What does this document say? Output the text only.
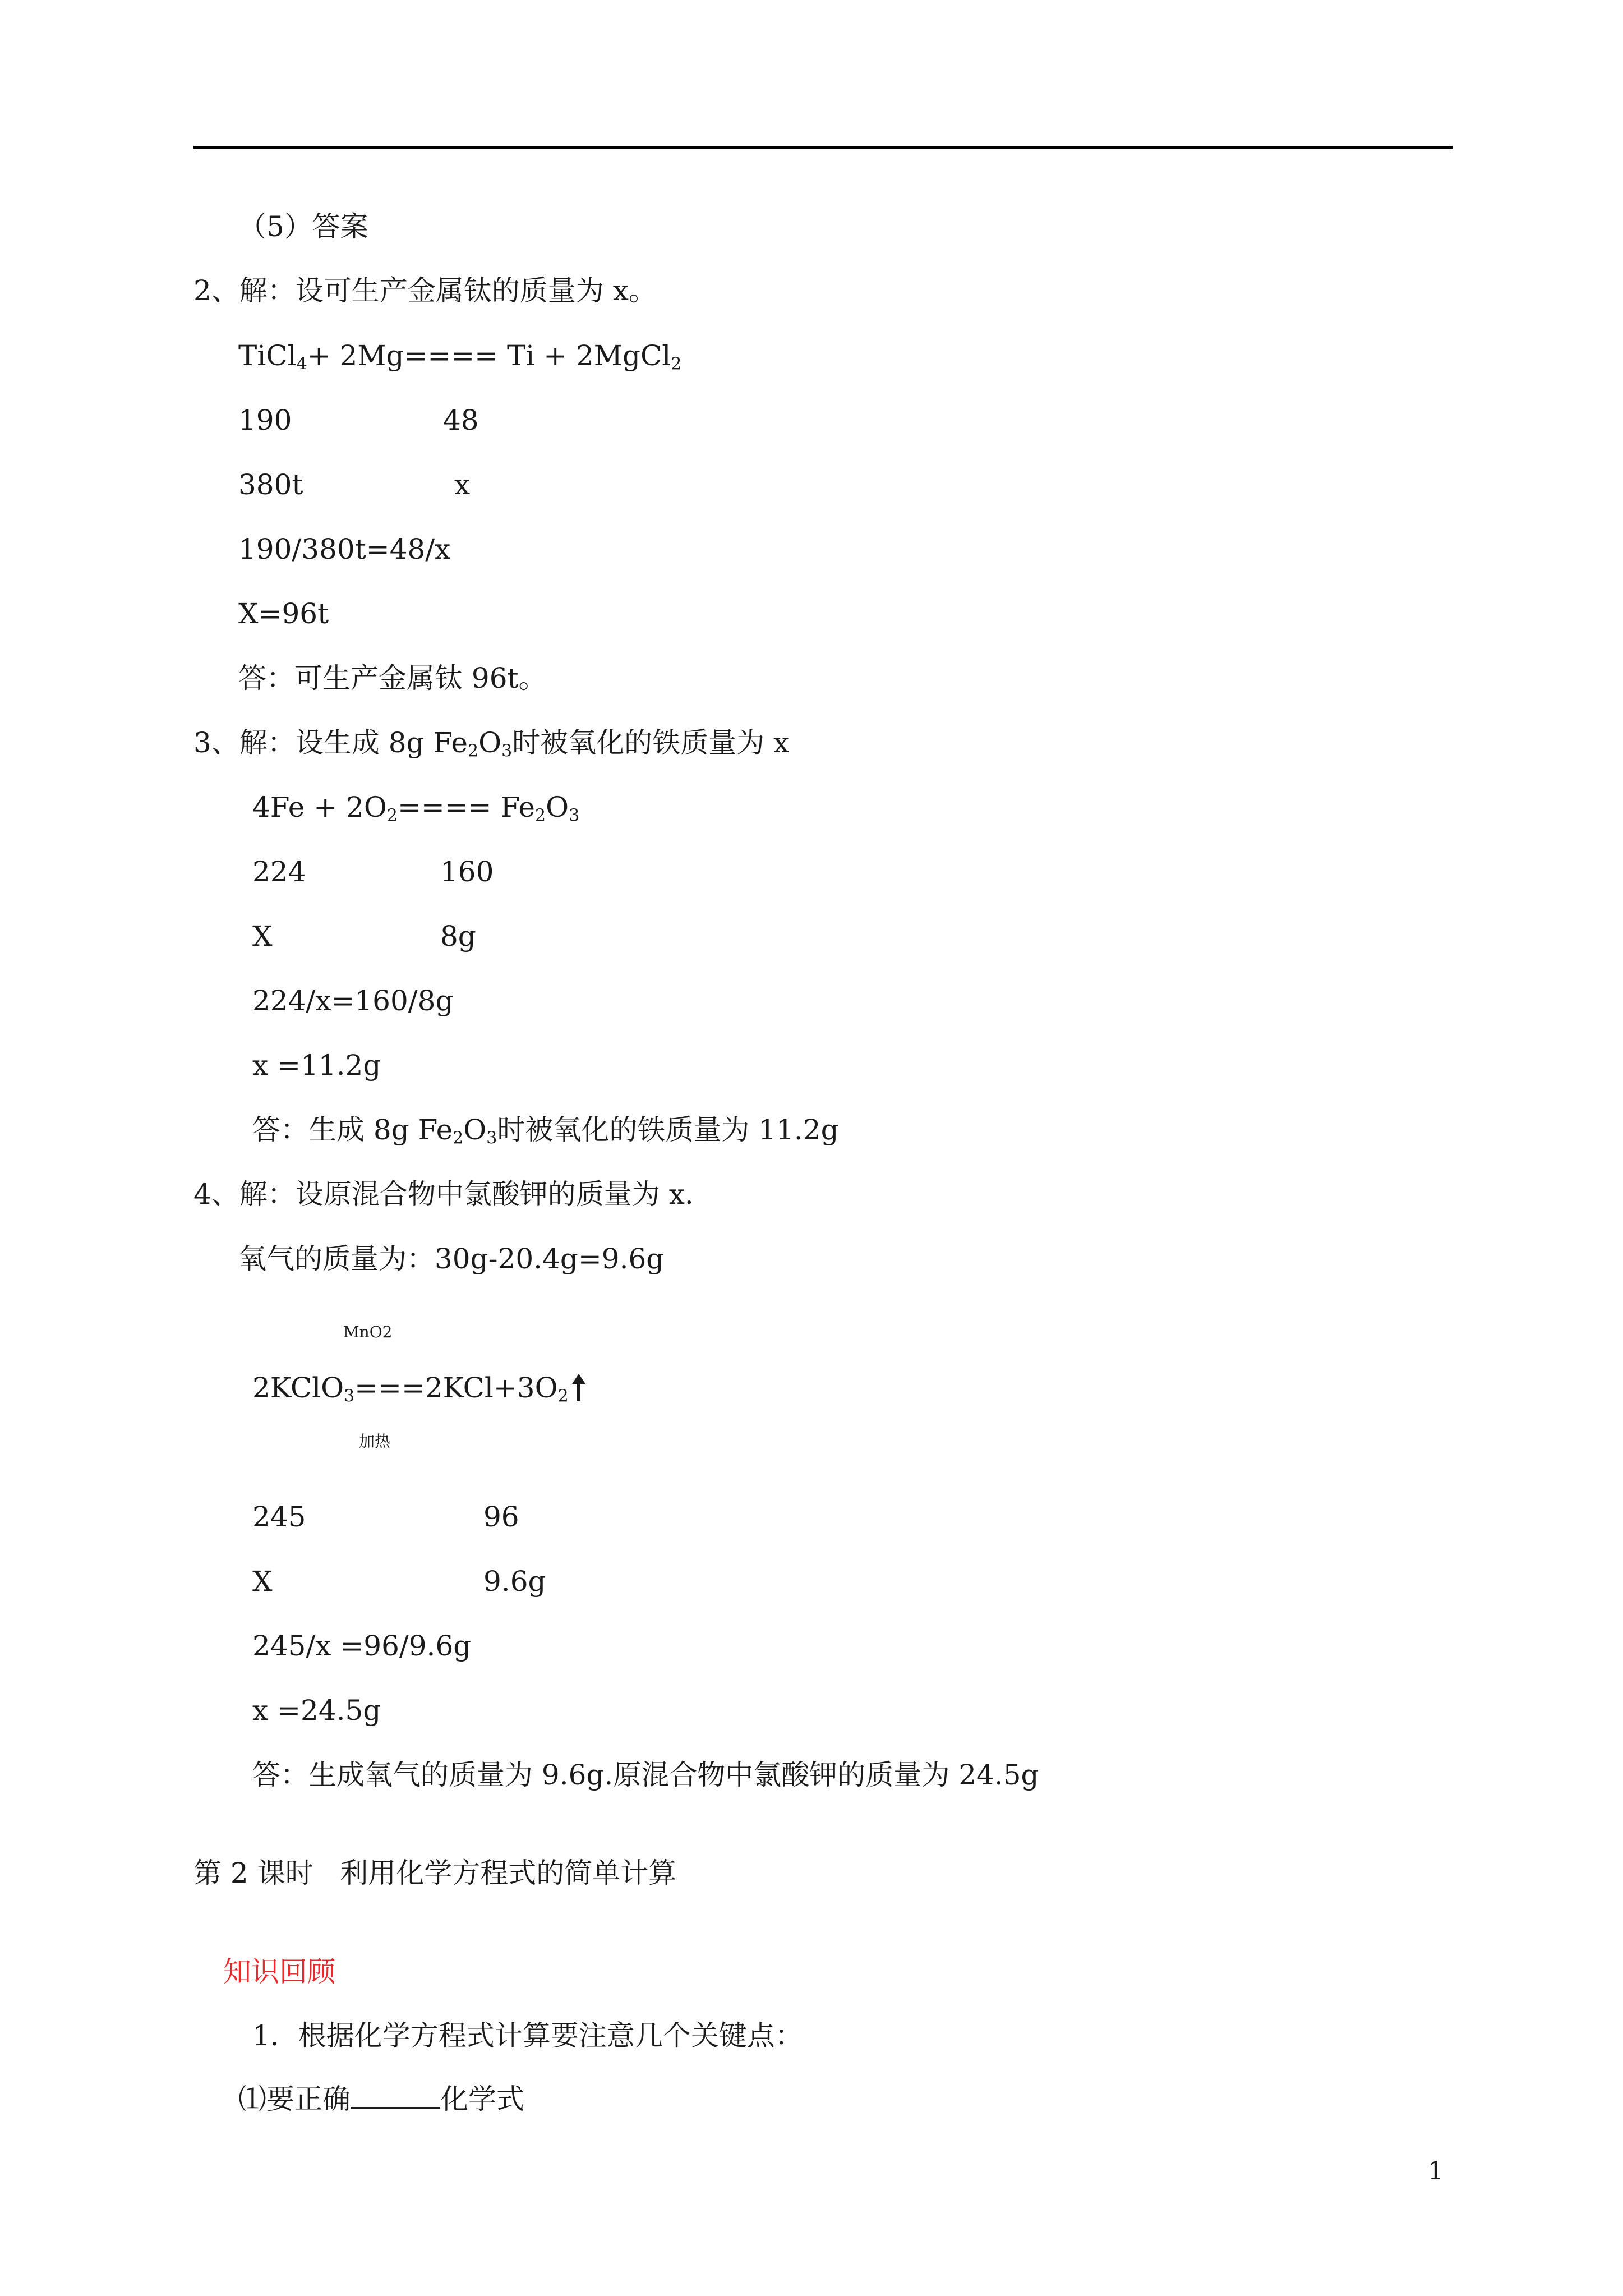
（5）答案
2、解：设可生产金属钛的质量为 x。
TiCl$_4$+ 2Mg==== Ti + 2MgCl$_2$
190	48
380t	x
190/380t=48/x
X=96t
答：可生产金属钛 96t。
3、解：设生成 8g $Fe_2O_3$时被氧化的铁质量为 x
$4Fe + 2O_2==== Fe_2O_3$
224	160
X	8g
224/x=160/8g
x =11.2g
答：生成 8g $Fe_2O_3$时被氧化的铁质量为 11.2g
4、解：设原混合物中氯酸钾的质量为 x.
氧气的质量为：30g-20.4g=9.6g
MnO2
$2KClO_3===2KCl+3O_2$
加热
245	96
X	9.6g
245/x =96/9.6g
x =24.5g
答：生成氧气的质量为 9.6g.原混合物中氯酸钾的质量为 24.5g
第 2 课时   利用化学方程式的简单计算
知识回顾
1．根据化学方程式计算要注意几个关键点：
⑴要正确	化学式
1
